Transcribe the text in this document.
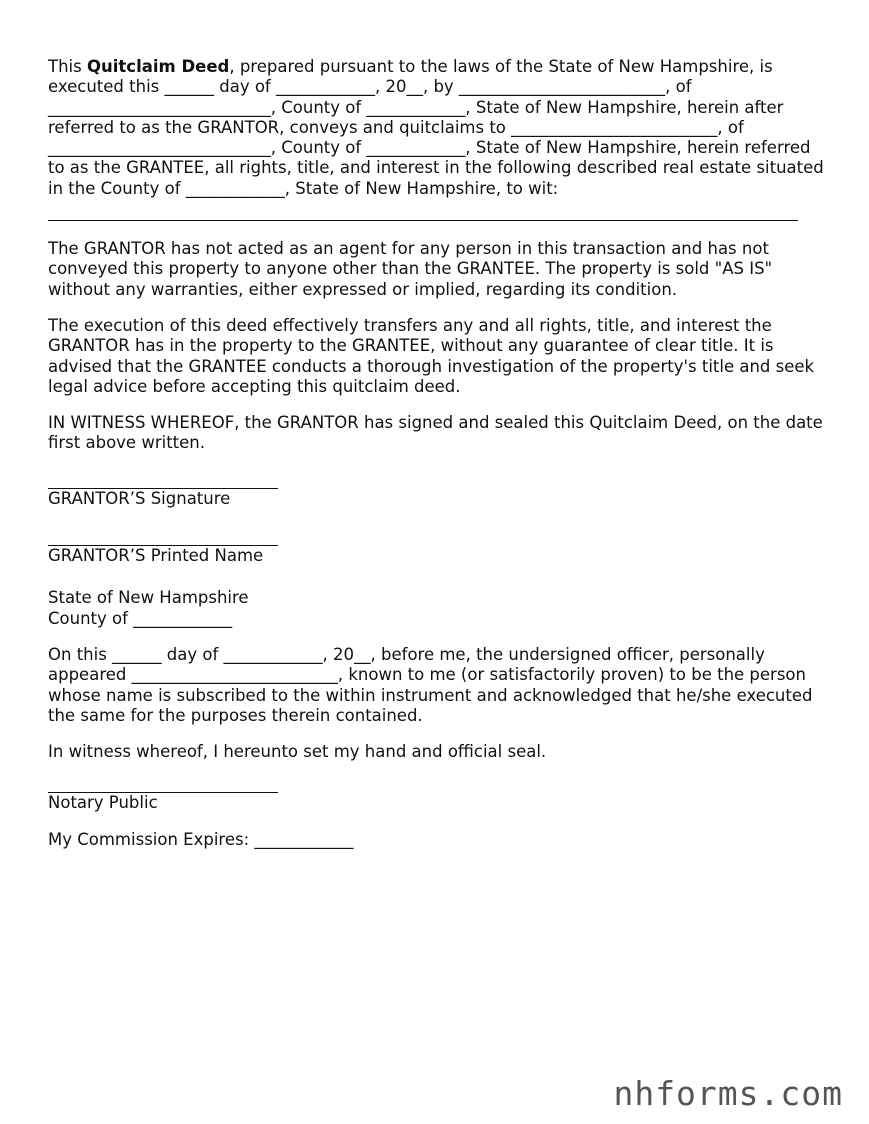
This Quitclaim Deed, prepared pursuant to the laws of the State of New Hampshire, is executed this ______ day of ____________, 20__, by _________________________, of ___________________________, County of ____________, State of New Hampshire, herein after referred to as the GRANTOR, conveys and quitclaims to _________________________, of ___________________________, County of ____________, State of New Hampshire, herein referred to as the GRANTEE, all rights, title, and interest in the following described real estate situated in the County of ____________, State of New Hampshire, to wit:

The GRANTOR has not acted as an agent for any person in this transaction and has not conveyed this property to anyone other than the GRANTEE. The property is sold "AS IS" without any warranties, either expressed or implied, regarding its condition.

The execution of this deed effectively transfers any and all rights, title, and interest the GRANTOR has in the property to the GRANTEE, without any guarantee of clear title. It is advised that the GRANTEE conducts a thorough investigation of the property's title and seek legal advice before accepting this quitclaim deed.

IN WITNESS WHEREOF, the GRANTOR has signed and sealed this Quitclaim Deed, on the date first above written.

GRANTOR’S Signature
GRANTOR’S Printed Name
State of New Hampshire
County of ____________

On this ______ day of ____________, 20__, before me, the undersigned officer, personally appeared _________________________, known to me (or satisfactorily proven) to be the person whose name is subscribed to the within instrument and acknowledged that he/she executed the same for the purposes therein contained.

In witness whereof, I hereunto set my hand and official seal.

Notary Public
My Commission Expires: ____________
nhforms.com
